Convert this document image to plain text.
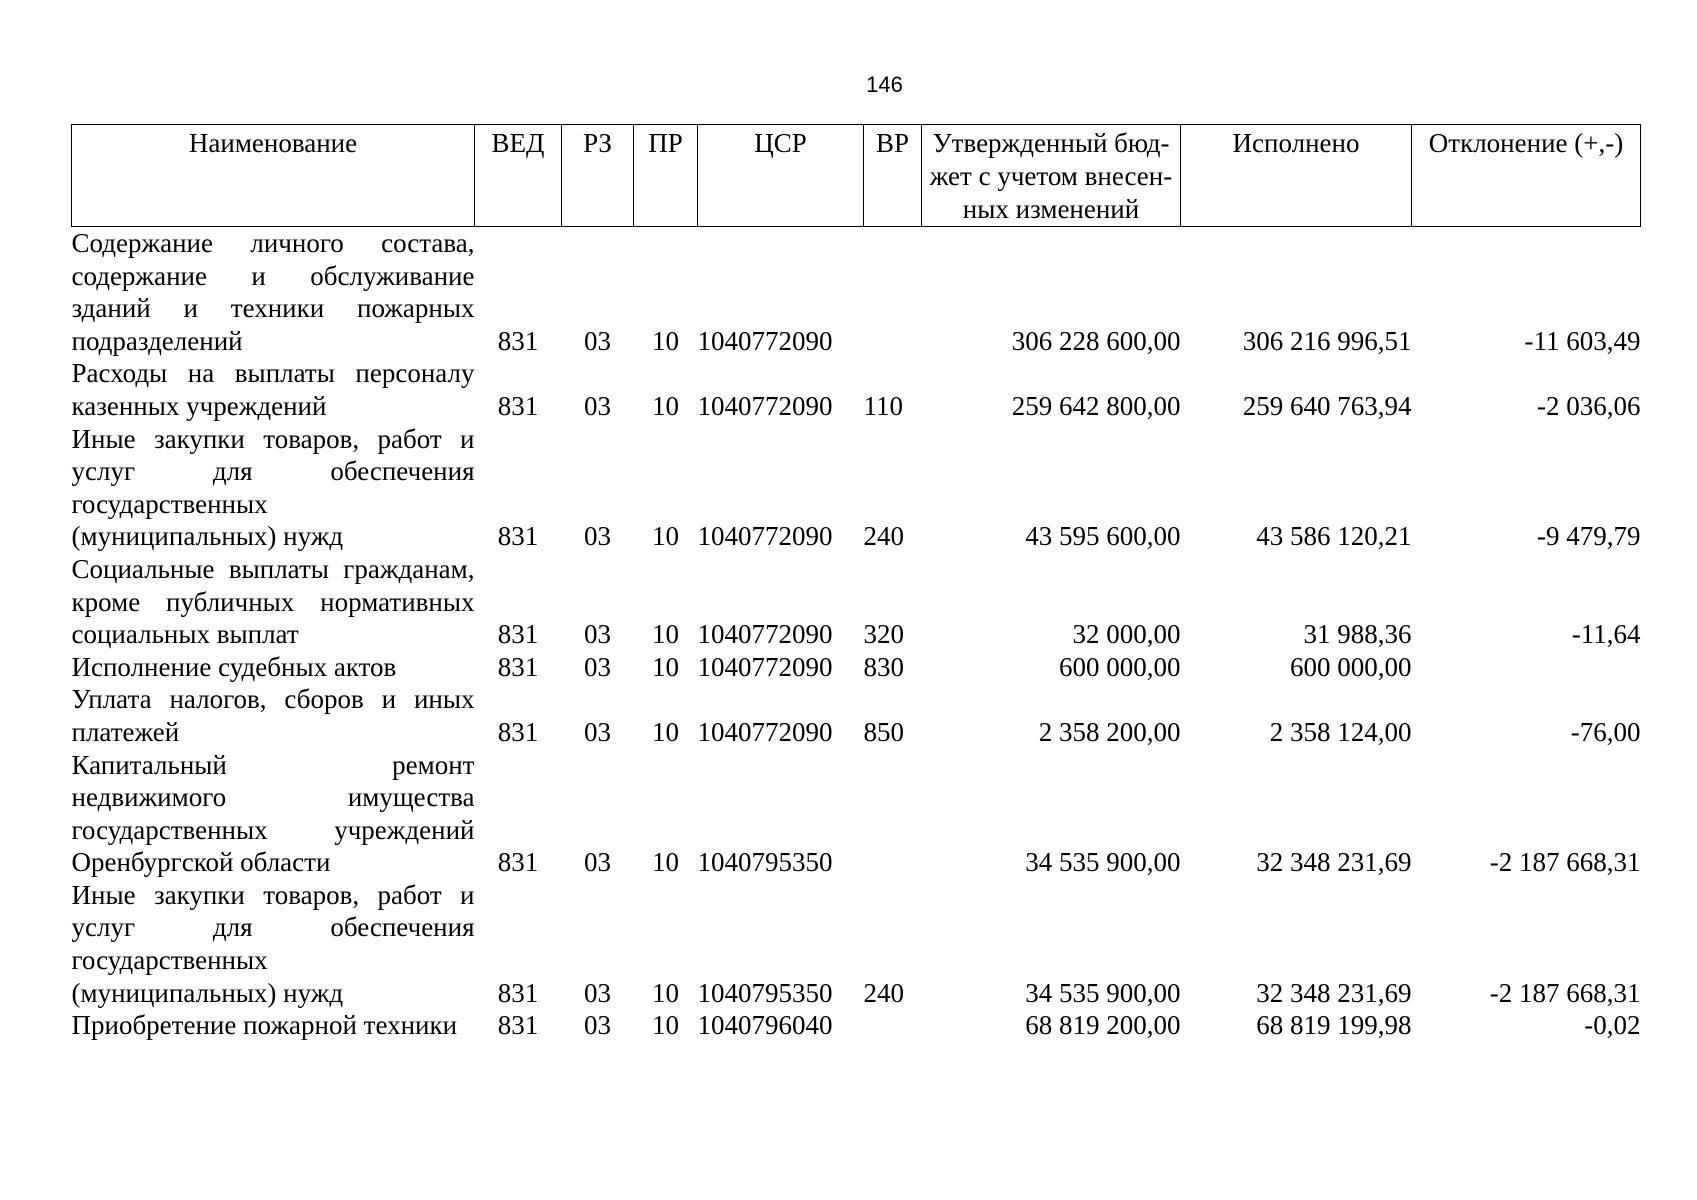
146
Наименование	ВЕД	РЗ	ПР	ЦСР	ВР	Утвержденный бюд-жет с учетом внесен-ных изменений	Исполнено	Отклонение (+,-)
Содержание личного состава, содержание и обслуживание зданий и техники пожарных подразделений	831	03	10	1040772090		306 228 600,00	306 216 996,51	-11 603,49
Расходы на выплаты персоналу казенных учреждений	831	03	10	1040772090	110	259 642 800,00	259 640 763,94	-2 036,06
Иные закупки товаров, работ и услуг для обеспечения государственных (муниципальных) нужд	831	03	10	1040772090	240	43 595 600,00	43 586 120,21	-9 479,79
Социальные выплаты гражданам, кроме публичных нормативных социальных выплат	831	03	10	1040772090	320	32 000,00	31 988,36	-11,64
Исполнение судебных актов	831	03	10	1040772090	830	600 000,00	600 000,00	
Уплата налогов, сборов и иных платежей	831	03	10	1040772090	850	2 358 200,00	2 358 124,00	-76,00
Капитальный ремонт недвижимого имущества государственных учреждений Оренбургской области	831	03	10	1040795350		34 535 900,00	32 348 231,69	-2 187 668,31
Иные закупки товаров, работ и услуг для обеспечения государственных (муниципальных) нужд	831	03	10	1040795350	240	34 535 900,00	32 348 231,69	-2 187 668,31
Приобретение пожарной техники	831	03	10	1040796040		68 819 200,00	68 819 199,98	-0,02
